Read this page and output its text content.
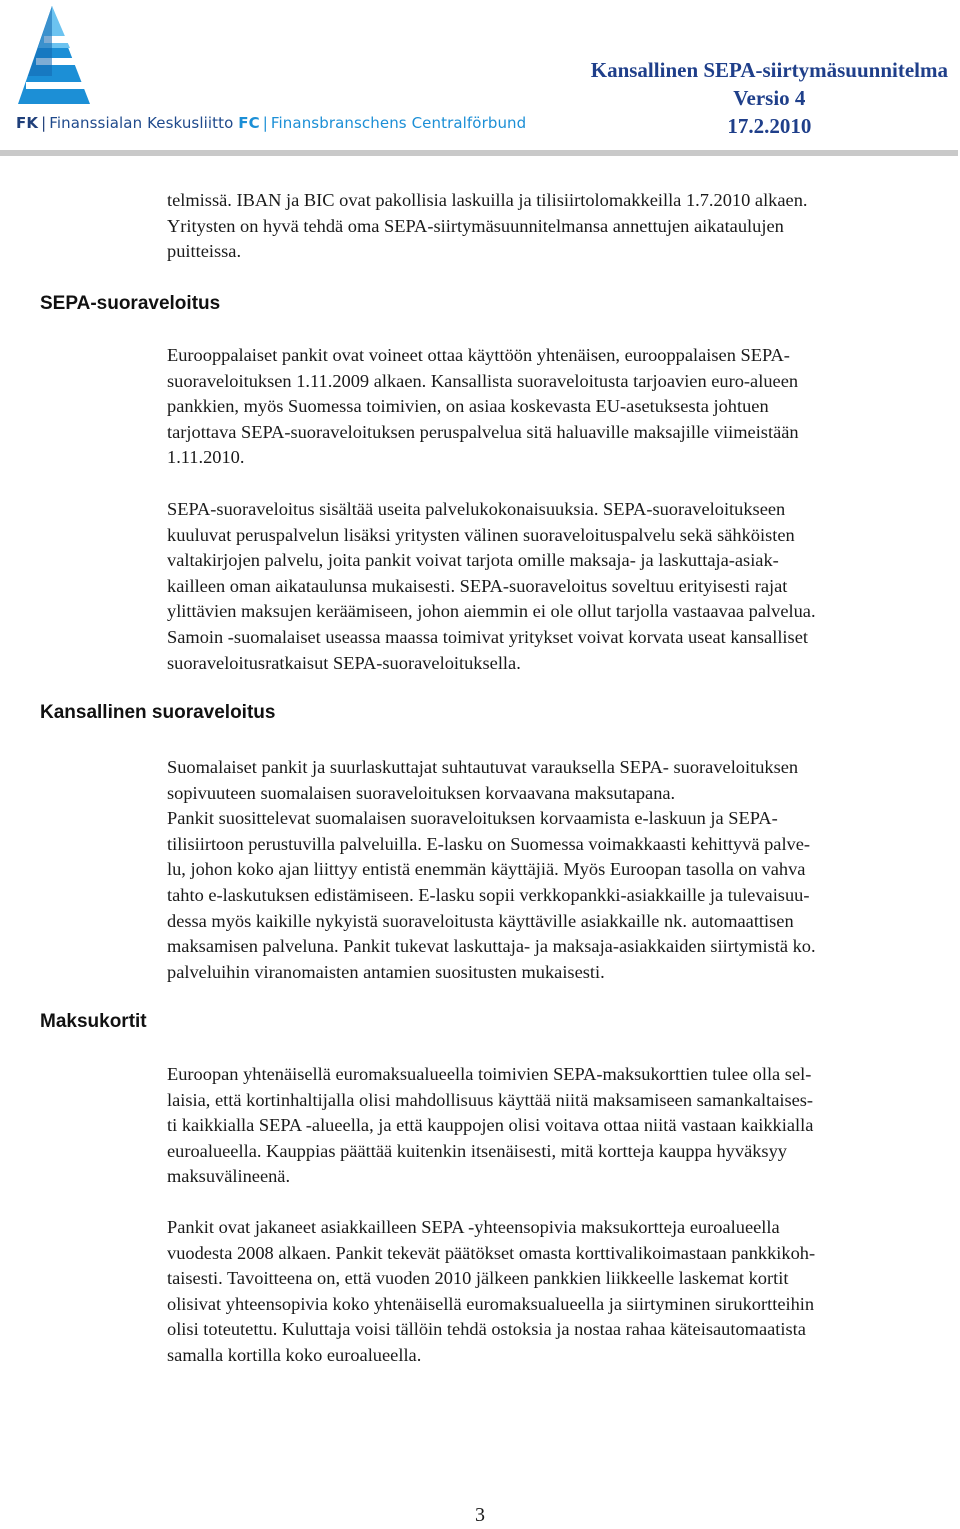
FK | Finanssialan Keskusliitto FC | Finansbranschens Centralförbund
Kansallinen SEPA-siirtymäsuunnitelma
Versio 4
17.2.2010
telmissä. IBAN ja BIC ovat pakollisia laskuilla ja tilisiirtolomakkeilla 1.7.2010 alkaen.
Yritysten on hyvä tehdä oma SEPA-siirtymäsuunnitelmansa annettujen aikataulujen
puitteissa.
SEPA-suoraveloitus
Eurooppalaiset pankit ovat voineet ottaa käyttöön yhtenäisen, eurooppalaisen SEPA-
suoraveloituksen 1.11.2009 alkaen. Kansallista suoraveloitusta tarjoavien euro-alueen
pankkien, myös Suomessa toimivien, on asiaa koskevasta EU-asetuksesta johtuen
tarjottava SEPA-suoraveloituksen peruspalvelua sitä haluaville maksajille viimeistään
1.11.2010.
SEPA-suoraveloitus sisältää useita palvelukokonaisuuksia. SEPA-suoraveloitukseen
kuuluvat peruspalvelun lisäksi yritysten välinen suoraveloituspalvelu sekä sähköisten
valtakirjojen palvelu, joita pankit voivat tarjota omille maksaja- ja laskuttaja-asiak-
kailleen oman aikataulunsa mukaisesti. SEPA-suoraveloitus soveltuu erityisesti rajat
ylittävien maksujen keräämiseen, johon aiemmin ei ole ollut tarjolla vastaavaa palvelua.
Samoin -suomalaiset useassa maassa toimivat yritykset voivat korvata useat kansalliset
suoraveloitusratkaisut SEPA-suoraveloituksella.
Kansallinen suoraveloitus
Suomalaiset pankit ja suurlaskuttajat suhtautuvat varauksella SEPA- suoraveloituksen
sopivuuteen suomalaisen suoraveloituksen korvaavana maksutapana.
Pankit suosittelevat suomalaisen suoraveloituksen korvaamista e-laskuun ja SEPA-
tilisiirtoon perustuvilla palveluilla. E-lasku on Suomessa voimakkaasti kehittyvä palve-
lu, johon koko ajan liittyy entistä enemmän käyttäjiä. Myös Euroopan tasolla on vahva
tahto e-laskutuksen edistämiseen. E-lasku sopii verkkopankki-asiakkaille ja tulevaisuu-
dessa myös kaikille nykyistä suoraveloitusta käyttäville asiakkaille nk. automaattisen
maksamisen palveluna. Pankit tukevat laskuttaja- ja maksaja-asiakkaiden siirtymistä ko.
palveluihin viranomaisten antamien suositusten mukaisesti.
Maksukortit
Euroopan yhtenäisellä euromaksualueella toimivien SEPA-maksukorttien tulee olla sel-
laisia, että kortinhaltijalla olisi mahdollisuus käyttää niitä maksamiseen samankaltaises-
ti kaikkialla SEPA -alueella, ja että kauppojen olisi voitava ottaa niitä vastaan kaikkialla
euroalueella. Kauppias päättää kuitenkin itsenäisesti, mitä kortteja kauppa hyväksyy
maksuvälineenä.
Pankit ovat jakaneet asiakkailleen SEPA -yhteensopivia maksukortteja euroalueella
vuodesta 2008 alkaen. Pankit tekevät päätökset omasta korttivalikoimastaan pankkikoh-
taisesti. Tavoitteena on, että vuoden 2010 jälkeen pankkien liikkeelle laskemat kortit
olisivat yhteensopivia koko yhtenäisellä euromaksualueella ja siirtyminen sirukortteihin
olisi toteutettu. Kuluttaja voisi tällöin tehdä ostoksia ja nostaa rahaa käteisautomaatista
samalla kortilla koko euroalueella.
3
